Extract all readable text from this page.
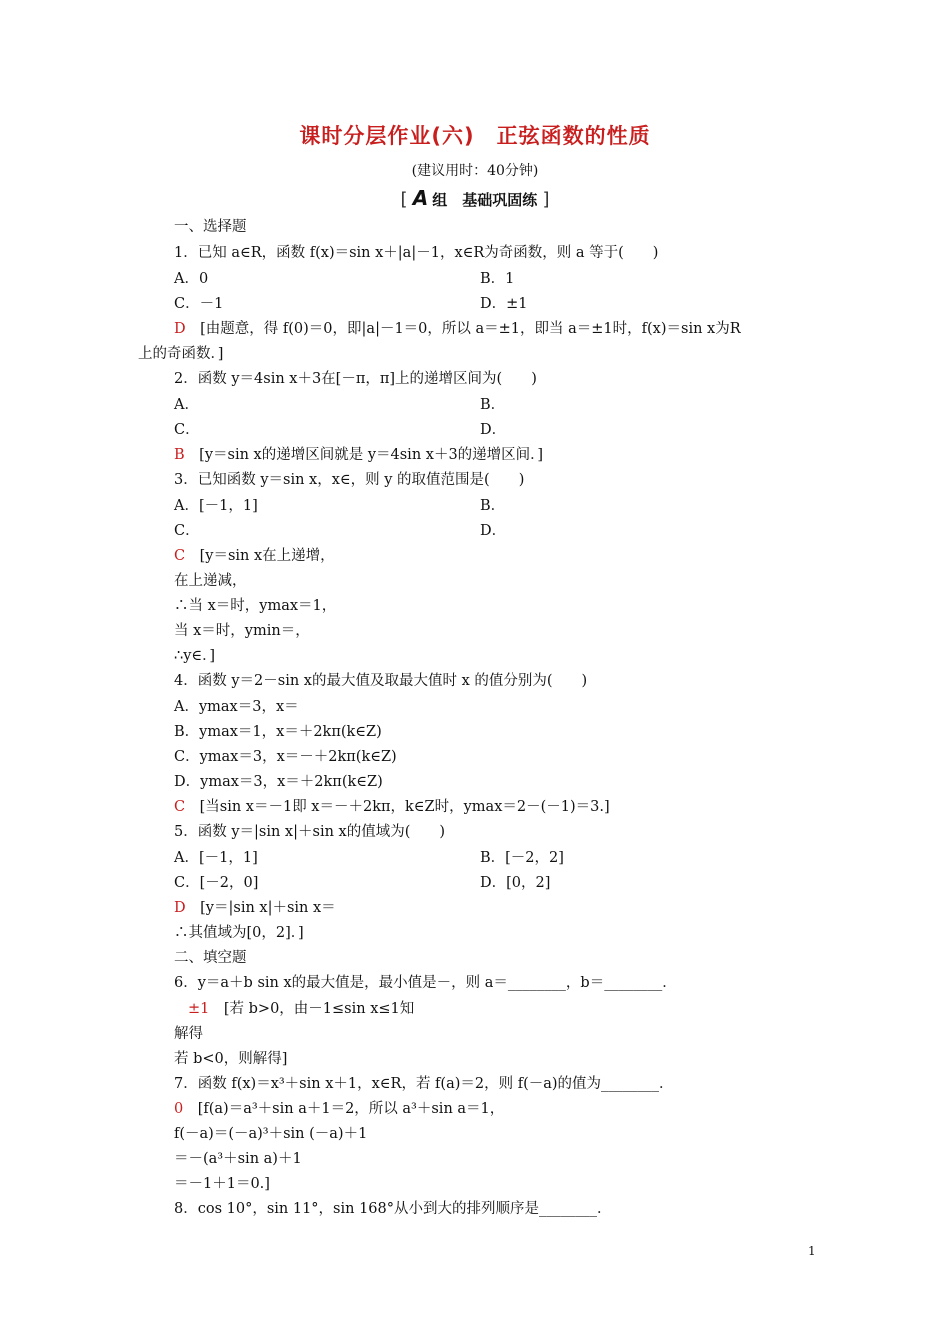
课时分层作业(六)　正弦函数的性质
(建议用时：40分钟)
[ A 组　基础巩固练 ]
一、选择题
1．已知 a∈R，函数 f(x)＝sin x＋|a|－1，x∈R为奇函数，则 a 等于(　　)
A．0	B．1
C．－1	D．±1
D　 [由题意，得 f(0)＝0，即|a|－1＝0，所以 a＝±1，即当 a＝±1时，f(x)＝sin x为R
上的奇函数．]
2．函数 y＝4sin x＋3在[－π，π]上的递增区间为(　　)
A．	B．
C．	D．
B　 [y＝sin x的递增区间就是 y＝4sin x＋3的递增区间．]
3．已知函数 y＝sin x，x∈，则 y 的取值范围是(　　)
A．[－1，1]	B．
C．	D．
C　 [y＝sin x在上递增，
在上递减，
∴当 x＝时，ymax＝1，
当 x＝时，ymin＝，
∴y∈．]
4．函数 y＝2－sin x的最大值及取最大值时 x 的值分别为(　　)
A．ymax＝3，x＝
B．ymax＝1，x＝＋2kπ(k∈Z)
C．ymax＝3，x＝－＋2kπ(k∈Z)
D．ymax＝3，x＝＋2kπ(k∈Z)
C　 [当sin x＝－1即 x＝－＋2kπ，k∈Z时，ymax＝2－(－1)＝3.]
5．函数 y＝|sin x|＋sin x的值域为(　　)
A．[－1，1]	B．[－2，2]
C．[－2，0]	D．[0，2]
D　 [y＝|sin x|＋sin x＝
∴其值域为[0，2]．]
二、填空题
6．y＝a＋b sin x的最大值是，最小值是－，则 a＝________，b＝________．
±1　 [若 b>0，由－1≤sin x≤1知
解得
若 b<0，则解得]
7．函数 f(x)＝x³＋sin x＋1，x∈R，若 f(a)＝2，则 f(－a)的值为________．
0　 [f(a)＝a³＋sin a＋1＝2，所以 a³＋sin a＝1，
f(－a)＝(－a)³＋sin (－a)＋1
＝－(a³＋sin a)＋1
＝－1＋1＝0.]
8．cos 10°，sin 11°，sin 168°从小到大的排列顺序是________．
1
